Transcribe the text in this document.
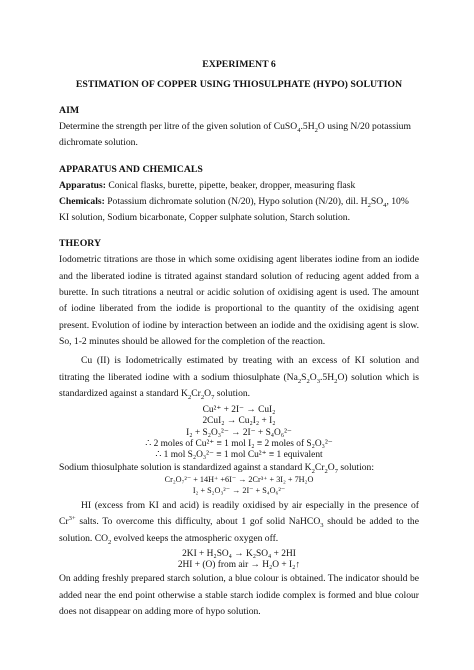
EXPERIMENT 6
ESTIMATION OF COPPER USING THIOSULPHATE (HYPO) SOLUTION
AIM
Determine the strength per litre of the given solution of $CuSO_4.5H_2O$ using N/20 potassium
dichromate solution.
APPARATUS AND CHEMICALS
Apparatus: Conical flasks, burette, pipette, beaker, dropper, measuring flask
Chemicals: Potassium dichromate solution (N/20), Hypo solution (N/20), dil. $H_2SO_4$, 10%
KI solution, Sodium bicarbonate, Copper sulphate solution, Starch solution.
THEORY
Iodometric titrations are those in which some oxidising agent liberates iodine from an iodide and the liberated iodine is titrated against standard solution of reducing agent added from a burette. In such titrations a neutral or acidic solution of oxidising agent is used. The amount of iodine liberated from the iodide is proportional to the quantity of the oxidising agent present. Evolution of iodine by interaction between an iodide and the oxidising agent is slow. So, 1-2 minutes should be allowed for the completion of the reaction.
Cu (II) is Iodometrically estimated by treating with an excess of KI solution and titrating the liberated iodine with a sodium thiosulphate $(Na_2S_2O_3.5H_2O)$ solution which is standardized against a standard $K_2Cr_2O_7$ solution.
Cu²⁺ + 2I⁻ → CuI₂
2CuI₂ → Cu₂I₂ + I₂
I₂ + S₂O₃²⁻ → 2I⁻ + S₄O₆²⁻
∴ 2 moles of Cu²⁺ ≡ 1 mol I₂ ≡ 2 moles of S₂O₃²⁻
∴ 1 mol S₂O₃²⁻ ≡ 1 mol Cu²⁺ ≡ 1 equivalent
Sodium thiosulphate solution is standardized against a standard $K_2Cr_2O_7$ solution:
Cr₂O₇²⁻ + 14H⁺ +6I⁻ → 2Cr³⁺ + 3I₂ + 7H₂O
I₂ + S₂O₃²⁻ → 2I⁻ + S₄O₆²⁻
HI (excess from KI and acid) is readily oxidised by air especially in the presence of $Cr^{3+}$ salts. To overcome this difficulty, about 1 gof solid NaHCO$_3$ should be added to the solution. $CO_2$ evolved keeps the atmospheric oxygen off.
2KI + H₂SO₄ → K₂SO₄ + 2HI
2HI + (O) from air → H₂O + I₂↑
On adding freshly prepared starch solution, a blue colour is obtained. The indicator should be added near the end point otherwise a stable starch iodide complex is formed and blue colour does not disappear on adding more of hypo solution.
